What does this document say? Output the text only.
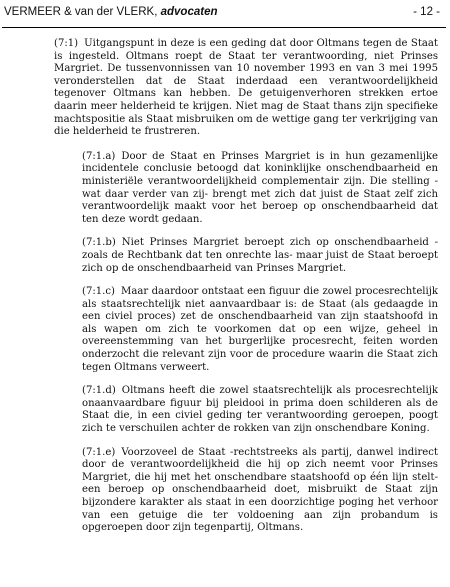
VERMEER & van der VLERK, advocaten	- 12 -

(7:1) Uitgangspunt in deze is een geding dat door Oltmans tegen de Staat is ingesteld. Oltmans roept de Staat ter verantwoording, niet Prinses Margriet. De tussenvonnissen van 10 november 1993 en van 3 mei 1995 veronderstellen dat de Staat inderdaad een verantwoordelijkheid tegenover Oltmans kan hebben. De getuigenverhoren strekken ertoe daarin meer helderheid te krijgen. Niet mag de Staat thans zijn specifieke machtspositie als Staat misbruiken om de wettige gang ter verkrijging van die helderheid te frustreren.

(7:1.a) Door de Staat en Prinses Margriet is in hun gezamenlijke incidentele conclusie betoogd dat koninklijke onschendbaarheid en ministeriële verantwoordelijkheid complementair zijn. Die stelling -wat daar verder van zij- brengt met zich dat juist de Staat zelf zich verantwoordelijk maakt voor het beroep op onschendbaarheid dat ten deze wordt gedaan.

(7:1.b) Niet Prinses Margriet beroept zich op onschendbaarheid -zoals de Rechtbank dat ten onrechte las- maar juist de Staat beroept zich op de onschendbaarheid van Prinses Margriet.

(7:1.c) Maar daardoor ontstaat een figuur die zowel procesrechtelijk als staatsrechtelijk niet aanvaardbaar is: de Staat (als gedaagde in een civiel proces) zet de onschendbaarheid van zijn staatshoofd in als wapen om zich te voorkomen dat op een wijze, geheel in overeenstemming van het burgerlijke procesrecht, feiten worden onderzocht die relevant zijn voor de procedure waarin die Staat zich tegen Oltmans verweert.

(7:1.d) Oltmans heeft die zowel staatsrechtelijk als procesrechtelijk onaanvaardbare figuur bij pleidooi in prima doen schilderen als de Staat die, in een civiel geding ter verantwoording geroepen, poogt zich te verschuilen achter de rokken van zijn onschendbare Koning.

(7:1.e) Voorzoveel de Staat -rechtstreeks als partij, danwel indirect door de verantwoordelijkheid die hij op zich neemt voor Prinses Margriet, die hij met het onschendbare staatshoofd op één lijn stelt- een beroep op onschendbaarheid doet, misbruikt de Staat zijn bijzondere karakter als staat in een doorzichtige poging het verhoor van een getuige die ter voldoening aan zijn probandum is opgeroepen door zijn tegenpartij, Oltmans.
